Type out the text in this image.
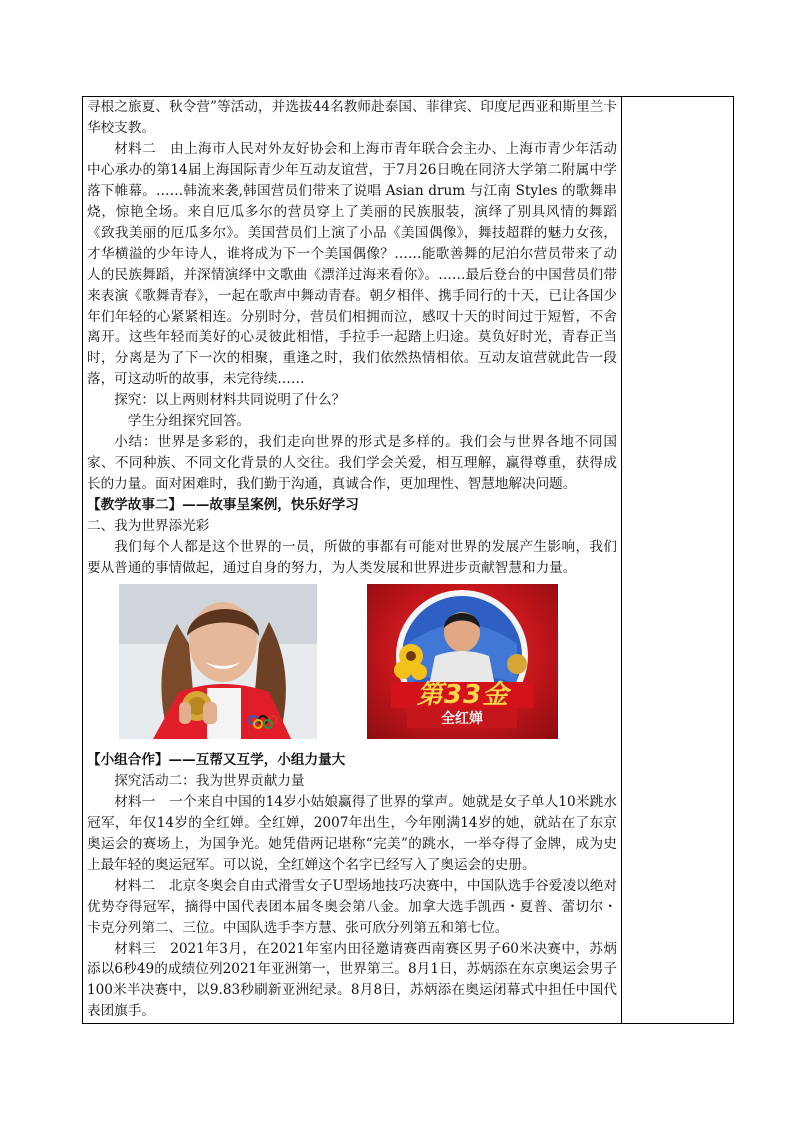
寻根之旅夏、秋令营”等活动，并选拔44名教师赴泰国、菲律宾、印度尼西亚和斯里兰卡华校支教。

材料二　由上海市人民对外友好协会和上海市青年联合会主办、上海市青少年活动中心承办的第14届上海国际青少年互动友谊营，于7月26日晚在同济大学第二附属中学落下帷幕。……韩流来袭,韩国营员们带来了说唱 Asian drum 与江南 Styles 的歌舞串烧，惊艳全场。来自厄瓜多尔的营员穿上了美丽的民族服装，演绎了别具风情的舞蹈《致我美丽的厄瓜多尔》。美国营员们上演了小品《美国偶像》，舞技超群的魅力女孩，才华横溢的少年诗人，谁将成为下一个美国偶像？……能歌善舞的尼泊尔营员带来了动人的民族舞蹈，并深情演绎中文歌曲《漂洋过海来看你》。……最后登台的中国营员们带来表演《歌舞青春》，一起在歌声中舞动青春。朝夕相伴、携手同行的十天，已让各国少年们年轻的心紧紧相连。分别时分，营员们相拥而泣，感叹十天的时间过于短暂，不舍离开。这些年轻而美好的心灵彼此相惜，手拉手一起踏上归途。莫负好时光，青春正当时，分离是为了下一次的相聚，重逢之时，我们依然热情相依。互动友谊营就此告一段落，可这动听的故事，未完待续……

探究：以上两则材料共同说明了什么？

学生分组探究回答。

小结：世界是多彩的，我们走向世界的形式是多样的。我们会与世界各地不同国家、不同种族、不同文化背景的人交往。我们学会关爱，相互理解，赢得尊重，获得成长的力量。面对困难时，我们勤于沟通，真诚合作，更加理性、智慧地解决问题。

【教学故事二】——故事呈案例，快乐好学习

二、我为世界添光彩

我们每个人都是这个世界的一员，所做的事都有可能对世界的发展产生影响，我们要从普通的事情做起，通过自身的努力，为人类发展和世界进步贡献智慧和力量。

第33金
全红婵

【小组合作】——互帮又互学，小组力量大

探究活动二：我为世界贡献力量

材料一　一个来自中国的14岁小姑娘赢得了世界的掌声。她就是女子单人10米跳水冠军，年仅14岁的全红婵。全红婵，2007年出生，今年刚满14岁的她，就站在了东京奥运会的赛场上，为国争光。她凭借两记堪称“完美”的跳水，一举夺得了金牌，成为史上最年轻的奥运冠军。可以说，全红婵这个名字已经写入了奥运会的史册。

材料二　北京冬奥会自由式滑雪女子U型场地技巧决赛中，中国队选手谷爱凌以绝对优势夺得冠军，摘得中国代表团本届冬奥会第八金。加拿大选手凯西・夏普、蕾切尔・卡克分列第二、三位。中国队选手李方慧、张可欣分列第五和第七位。

材料三　2021年3月，在2021年室内田径邀请赛西南赛区男子60米决赛中，苏炳添以6秒49的成绩位列2021年亚洲第一，世界第三。8月1日，苏炳添在东京奥运会男子100米半决赛中，以9.83秒刷新亚洲纪录。8月8日，苏炳添在奥运闭幕式中担任中国代表团旗手。
